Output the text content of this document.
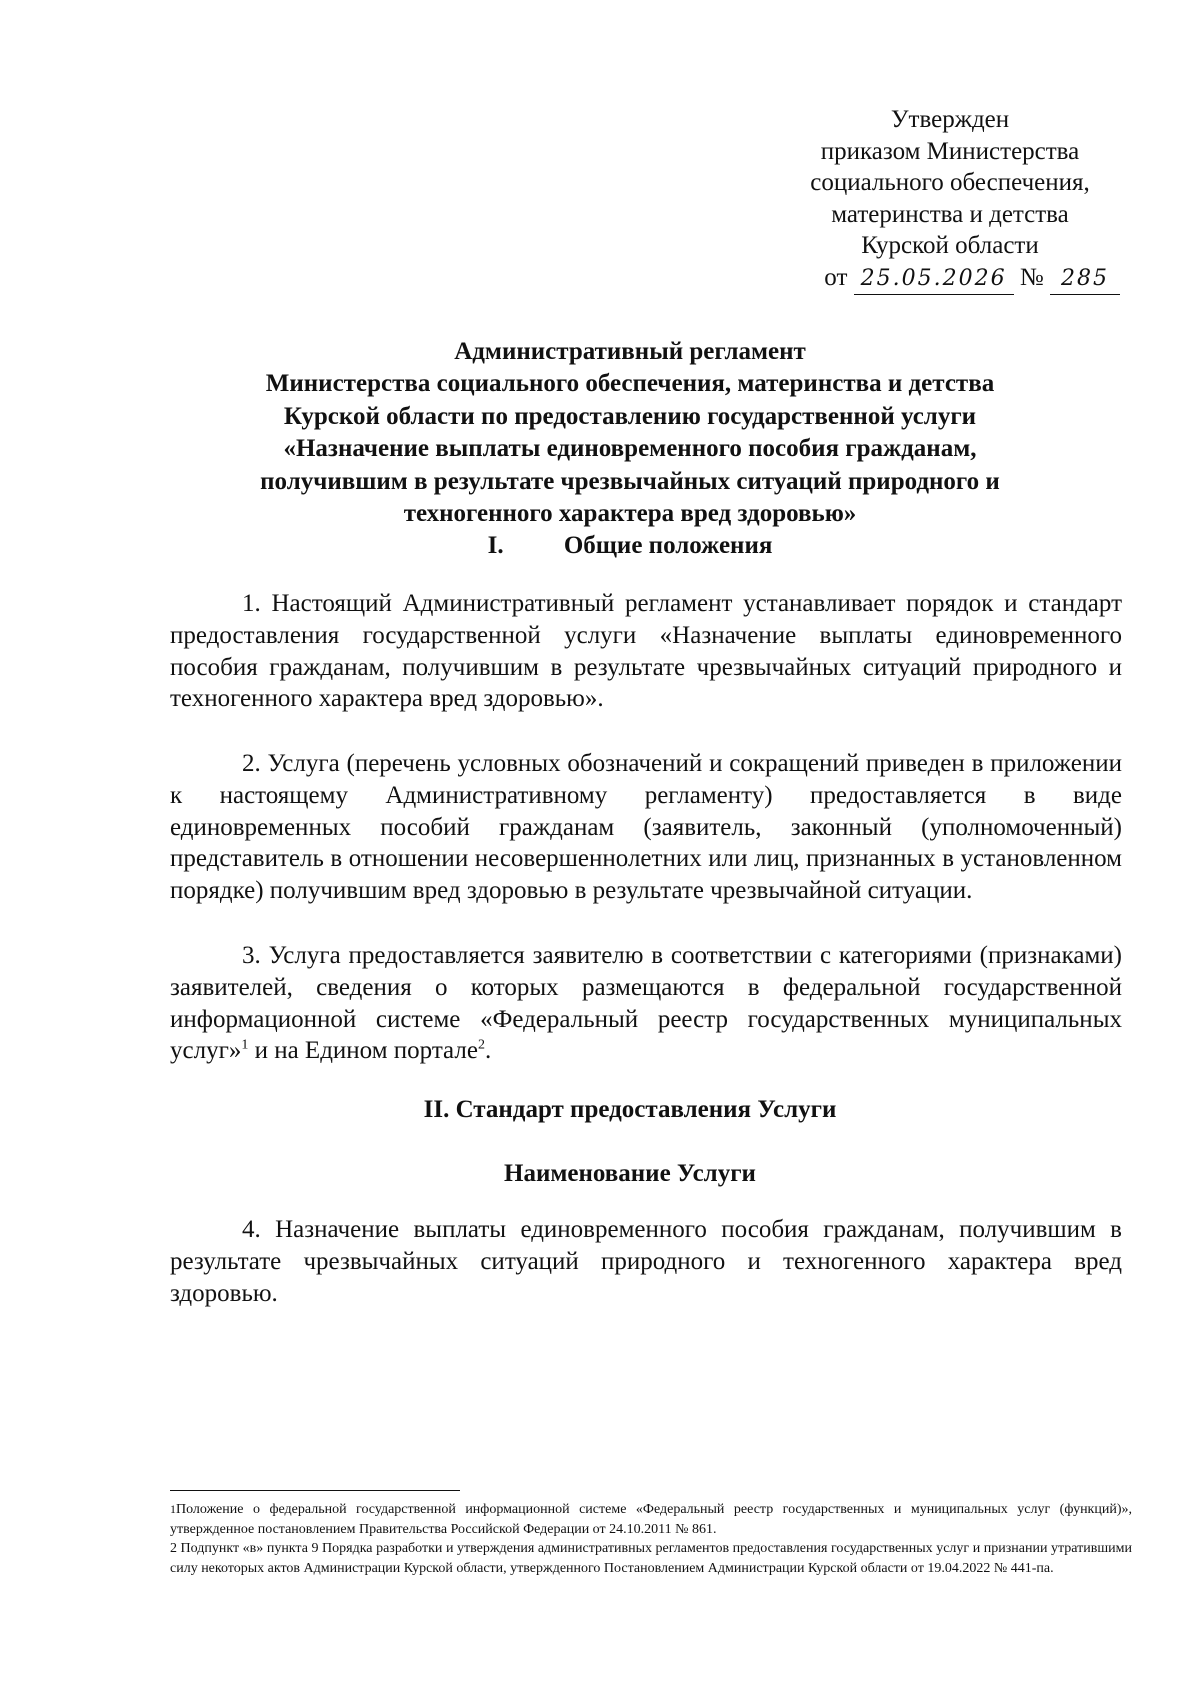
Утвержден
приказом Министерства
социального обеспечения,
материнства и детства
Курской области
от 25.05.2026 № 285
Административный регламент
Министерства социального обеспечения, материнства и детства
Курской области по предоставлению государственной услуги
«Назначение выплаты единовременного пособия гражданам,
получившим в результате чрезвычайных ситуаций природного и
техногенного характера вред здоровью»
I. Общие положения

1. Настоящий Административный регламент устанавливает порядок и стандарт предоставления государственной услуги «Назначение выплаты единовременного пособия гражданам, получившим в результате чрезвычайных ситуаций природного и техногенного характера вред здоровью».

2. Услуга (перечень условных обозначений и сокращений приведен в приложении к настоящему Административному регламенту) предоставляется в виде единовременных пособий гражданам (заявитель, законный (уполномоченный) представитель в отношении несовершеннолетних или лиц, признанных в установленном порядке) получившим вред здоровью в результате чрезвычайной ситуации.

3. Услуга предоставляется заявителю в соответствии с категориями (признаками) заявителей, сведения о которых размещаются в федеральной государственной информационной системе «Федеральный реестр государственных муниципальных услуг»$^1$ и на Едином портале$^2$.

II. Стандарт предоставления Услуги
Наименование Услуги

4. Назначение выплаты единовременного пособия гражданам, получившим в результате чрезвычайных ситуаций природного и техногенного характера вред здоровью.

1Положение о федеральной государственной информационной системе «Федеральный реестр государственных и муниципальных услуг (функций)», утвержденное постановлением Правительства Российской Федерации от 24.10.2011 № 861.

2 Подпункт «в» пункта 9 Порядка разработки и утверждения административных регламентов предоставления государственных услуг и признании утратившими силу некоторых актов Администрации Курской области, утвержденного Постановлением Администрации Курской области от 19.04.2022 № 441-па.
